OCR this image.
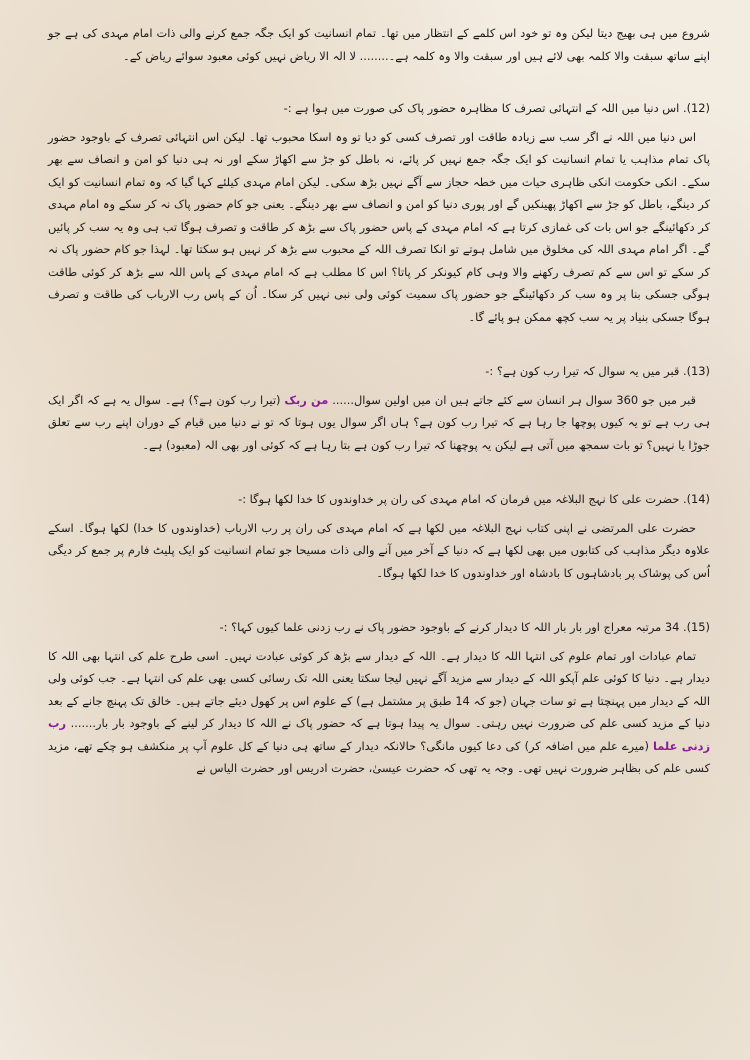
شروع میں ہی بھیج دیتا لیکن وہ تو خود اس کلمے کے انتظار میں تھا۔ تمام انسانیت کو ایک جگہ جمع کرنے والی ذات امام مہدی کی ہے جو اپنے ساتھ سبقت والا کلمہ بھی لائے ہیں اور سبقت والا وہ کلمہ ہے۔........ لا الہ الا ریاض نہیں کوئی معبود سوائے ریاض کے۔

(12). اس دنیا میں اللہ کے انتہائی تصرف کا مظاہرہ حضور پاک کی صورت میں ہوا ہے :-

اس دنیا میں اللہ نے اگر سب سے زیادہ طاقت اور تصرف کسی کو دیا تو وہ اسکا محبوب تھا۔ لیکن اس انتہائی تصرف کے باوجود حضور پاک تمام مذاہب یا تمام انسانیت کو ایک جگہ جمع نہیں کر پائے، نہ باطل کو جڑ سے اکھاڑ سکے اور نہ ہی دنیا کو امن و انصاف سے بھر سکے۔ انکی حکومت انکی ظاہری حیات میں خطہ حجاز سے آگے نہیں بڑھ سکی۔ لیکن امام مہدی کیلئے کہا گیا کہ وہ تمام انسانیت کو ایک کر دینگے، باطل کو جڑ سے اکھاڑ پھینکیں گے اور پوری دنیا کو امن و انصاف سے بھر دینگے۔ یعنی جو کام حضور پاک نہ کر سکے وہ امام مہدی کر دکھائینگے جو اس بات کی غمازی کرتا ہے کہ امام مہدی کے پاس حضور پاک سے بڑھ کر طاقت و تصرف ہوگا تب ہی وہ یہ سب کر پائیں گے۔ اگر امام مہدی اللہ کی مخلوق میں شامل ہوتے تو انکا تصرف اللہ کے محبوب سے بڑھ کر نہیں ہو سکتا تھا۔ لہذا جو کام حضور پاک نہ کر سکے تو اس سے کم تصرف رکھنے والا وہی کام کیونکر کر پاتا؟ اس کا مطلب ہے کہ امام مہدی کے پاس اللہ سے بڑھ کر کوئی طاقت ہوگی جسکی بنا پر وہ سب کر دکھائینگے جو حضور پاک سمیت کوئی ولی نبی نہیں کر سکا۔ اُن کے پاس رب الارباب کی طاقت و تصرف ہوگا جسکی بنیاد پر یہ سب کچھ ممکن ہو پائے گا۔

(13). قبر میں یہ سوال کہ تیرا رب کون ہے؟ :-

قبر میں جو 360 سوال ہر انسان سے کئے جاتے ہیں ان میں اولین سوال...... من ربک (تیرا رب کون ہے؟) ہے۔ سوال یہ ہے کہ اگر ایک ہی رب ہے تو یہ کیوں پوچھا جا رہا ہے کہ تیرا رب کون ہے؟ ہاں اگر سوال یوں ہوتا کہ تو نے دنیا میں قیام کے دوران اپنے رب سے تعلق جوڑا یا نہیں؟ تو بات سمجھ میں آتی ہے لیکن یہ پوچھنا کہ تیرا رب کون ہے بتا رہا ہے کہ کوئی اور بھی الہ (معبود) ہے۔

(14). حضرت علی کا نہج البلاغہ میں فرمان کہ امام مہدی کی ران پر خداوندوں کا خدا لکھا ہوگا :-

حضرت علی المرتضی نے اپنی کتاب نہج البلاغہ میں لکھا ہے کہ امام مہدی کی ران پر رب الارباب (خداوندوں کا خدا) لکھا ہوگا۔ اسکے علاوہ دیگر مذاہب کی کتابوں میں بھی لکھا ہے کہ دنیا کے آخر میں آنے والی ذات مسیحا جو تمام انسانیت کو ایک پلیٹ فارم پر جمع کر دیگی اُس کی پوشاک پر بادشاہوں کا بادشاہ اور خداوندوں کا خدا لکھا ہوگا۔

(15). 34 مرتبہ معراج اور بار بار اللہ کا دیدار کرنے کے باوجود حضور پاک نے رب زدنی علما کیوں کہا؟ :-

تمام عبادات اور تمام علوم کی انتہا اللہ کا دیدار ہے۔ اللہ کے دیدار سے بڑھ کر کوئی عبادت نہیں۔ اسی طرح علم کی انتہا بھی اللہ کا دیدار ہے۔ دنیا کا کوئی علم آپکو اللہ کے دیدار سے مزید آگے نہیں لیجا سکتا یعنی اللہ تک رسائی کسی بھی علم کی انتہا ہے۔ جب کوئی ولی اللہ کے دیدار میں پہنچتا ہے تو سات جہان (جو کہ 14 طبق پر مشتمل ہے) کے علوم اس پر کھول دیئے جاتے ہیں۔ خالق تک پہنچ جانے کے بعد دنیا کے مزید کسی علم کی ضرورت نہیں رہتی۔ سوال یہ پیدا ہوتا ہے کہ حضور پاک نے اللہ کا دیدار کر لینے کے باوجود بار بار....... رب زدنی علما (میرے علم میں اضافہ کر) کی دعا کیوں مانگی؟ حالانکہ دیدار کے ساتھ ہی دنیا کے کل علوم آپ پر منکشف ہو چکے تھے، مزید کسی علم کی بظاہر ضرورت نہیں تھی۔ وجہ یہ تھی کہ حضرت عیسیٰ، حضرت ادریس اور حضرت الیاس نے
